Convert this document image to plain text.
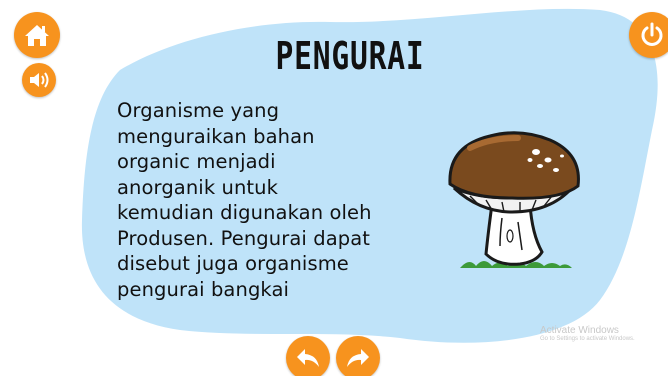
PENGURAI
Organisme yang
menguraikan bahan
organic menjadi
anorganik untuk
kemudian digunakan oleh
Produsen. Pengurai dapat
disebut juga organisme
pengurai bangkai
Activate Windows
Go to Settings to activate Windows.
